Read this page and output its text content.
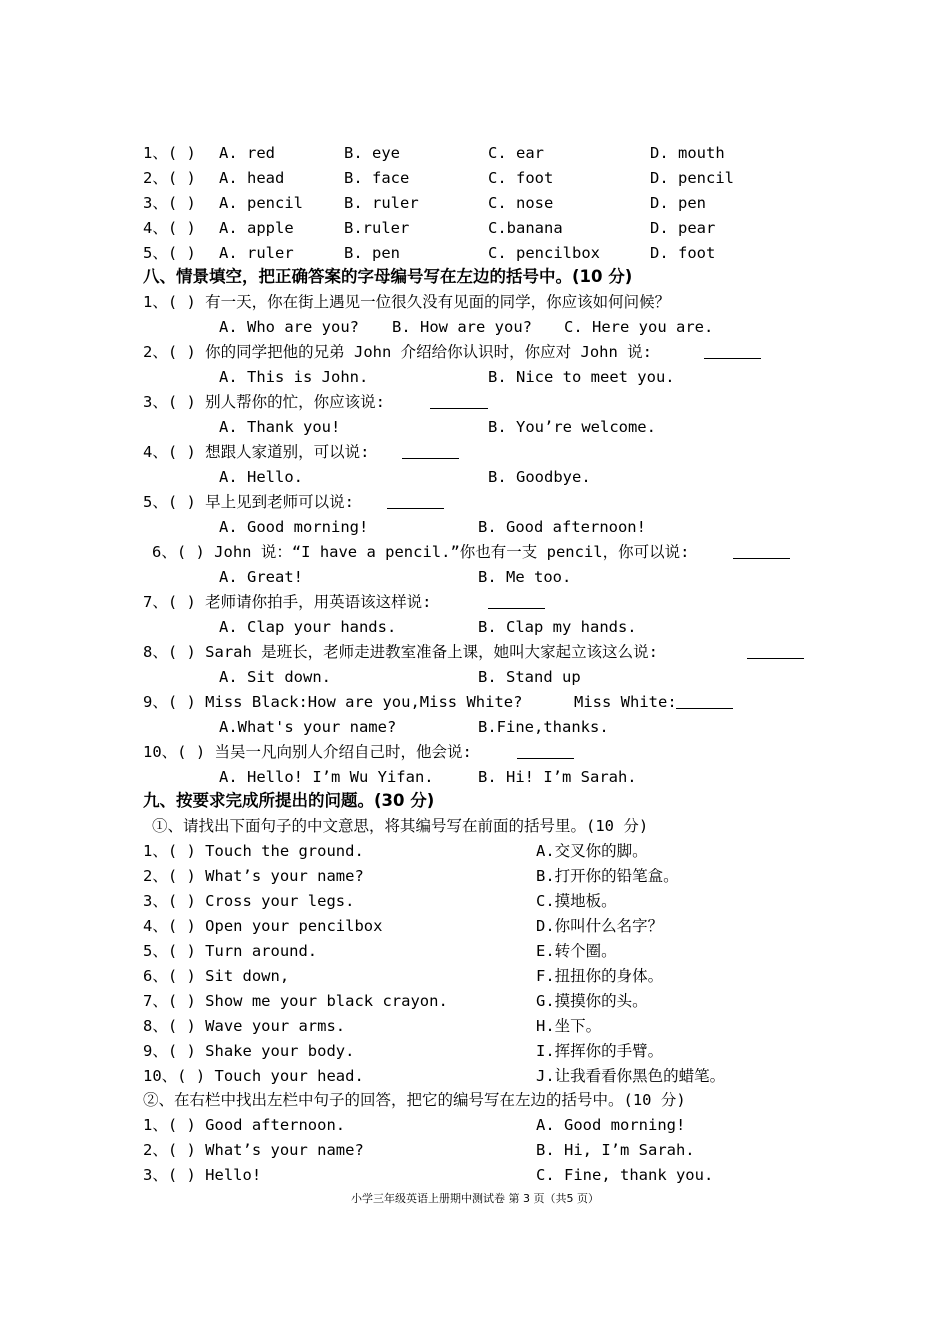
1、( ) A. red	B. eye	C. ear	D. mouth
2、( ) A. head	B. face	C. foot	D. pencil
3、( ) A. pencil	B. ruler	C. nose	D. pen
4、( ) A. apple	B.ruler	C.banana	D. pear
5、( ) A. ruler	B. pen	C. pencilbox	D. foot
八、情景填空，把正确答案的字母编号写在左边的括号中。(10 分)
1、( ) 有一天，你在街上遇见一位很久没有见面的同学，你应该如何问候？
A. Who are you? B. How are you? C. Here you are.
2、( ) 你的同学把他的兄弟 John 介绍给你认识时，你应对 John 说:
A. This is John.	B. Nice to meet you.
3、( ) 别人帮你的忙，你应该说:
A. Thank you!	B. You’re welcome.
4、( ) 想跟人家道别，可以说:
A. Hello.	B. Goodbye.
5、( ) 早上见到老师可以说:
A. Good morning!	B. Good afternoon!
6、( ) John 说：“I have a pencil.”你也有一支 pencil，你可以说:
A. Great!	B. Me too.
7、( ) 老师请你拍手，用英语该这样说:
A. Clap your hands.	B. Clap my hands.
8、( ) Sarah 是班长，老师走进教室准备上课，她叫大家起立该这么说:
A. Sit down.	B. Stand up
9、( ) Miss Black:How are you,Miss White?	Miss White:
A.What's your name?	B.Fine,thanks.
10、( ) 当吴一凡向别人介绍自己时，他会说:
A. Hello! I’m Wu Yifan.	B. Hi! I’m Sarah.
九、按要求完成所提出的问题。(30 分)
①、请找出下面句子的中文意思，将其编号写在前面的括号里。(10 分)
1、( ) Touch the ground.	A.交叉你的脚。
2、( ) What’s your name?	B.打开你的铅笔盒。
3、( ) Cross your legs.	C.摸地板。
4、( ) Open your pencilbox	D.你叫什么名字？
5、( ) Turn around.	E.转个圈。
6、( ) Sit down,	F.扭扭你的身体。
7、( ) Show me your black crayon.	G.摸摸你的头。
8、( ) Wave your arms.	H.坐下。
9、( ) Shake your body.	I.挥挥你的手臂。
10、( ) Touch your head.	J.让我看看你黑色的蜡笔。
②、在右栏中找出左栏中句子的回答，把它的编号写在左边的括号中。(10 分)
1、( ) Good afternoon.	A. Good morning!
2、( ) What’s your name?	B. Hi, I’m Sarah.
3、( ) Hello!	C. Fine, thank you.
小学三年级英语上册期中测试卷 第 3 页（共5 页）
